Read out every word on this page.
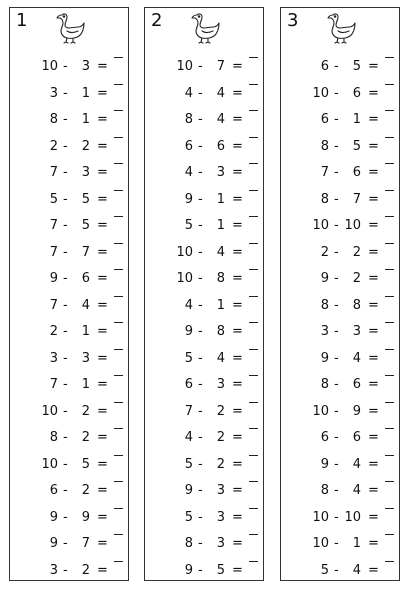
1
10 - 3 =
3 - 1 =
8 - 1 =
2 - 2 =
7 - 3 =
5 - 5 =
7 - 5 =
7 - 7 =
9 - 6 =
7 - 4 =
2 - 1 =
3 - 3 =
7 - 1 =
10 - 2 =
8 - 2 =
10 - 5 =
6 - 2 =
9 - 9 =
9 - 7 =
3 - 2 =
2
10 - 7 =
4 - 4 =
8 - 4 =
6 - 6 =
4 - 3 =
9 - 1 =
5 - 1 =
10 - 4 =
10 - 8 =
4 - 1 =
9 - 8 =
5 - 4 =
6 - 3 =
7 - 2 =
4 - 2 =
5 - 2 =
9 - 3 =
5 - 3 =
8 - 3 =
9 - 5 =
3
6 - 5 =
10 - 6 =
6 - 1 =
8 - 5 =
7 - 6 =
8 - 7 =
10 - 10 =
2 - 2 =
9 - 2 =
8 - 8 =
3 - 3 =
9 - 4 =
8 - 6 =
10 - 9 =
6 - 6 =
9 - 4 =
8 - 4 =
10 - 10 =
10 - 1 =
5 - 4 =
